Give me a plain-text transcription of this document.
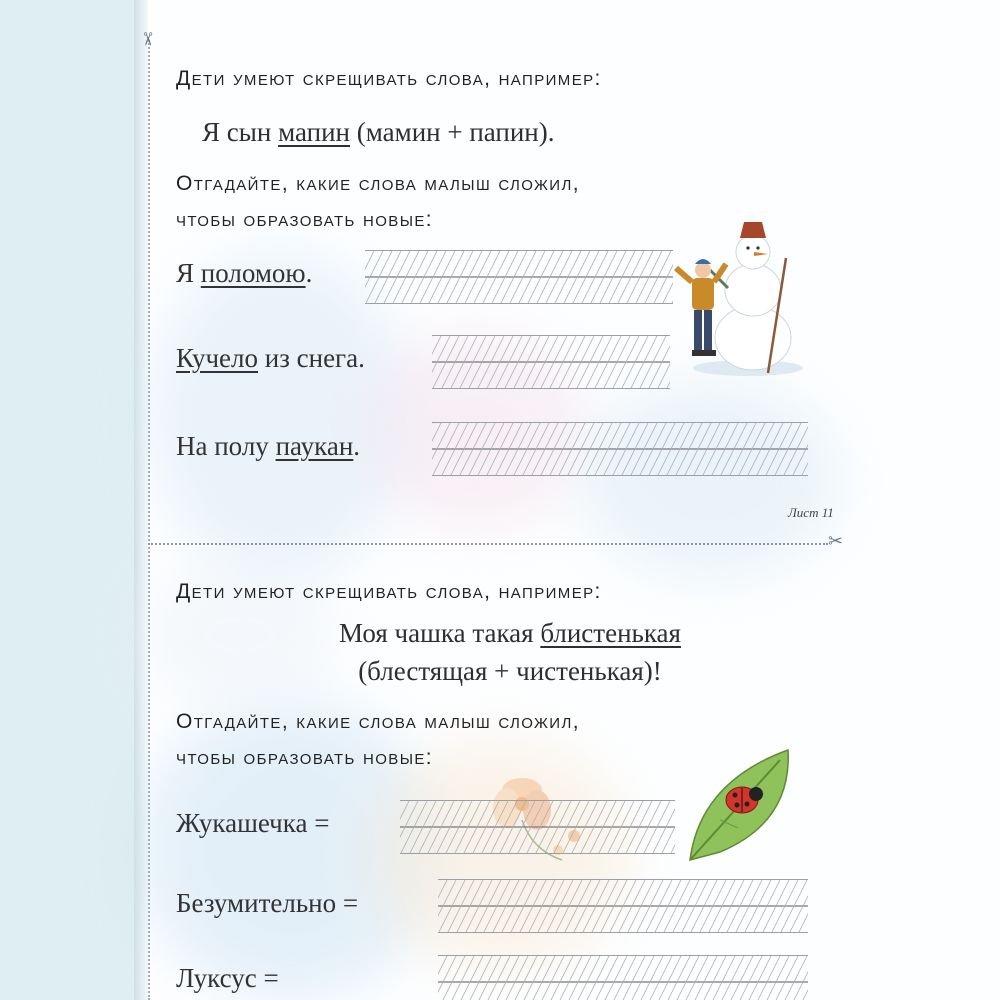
✂
Дети умеют скрещивать слова, например:
Я сын мапин (мамин + папин).
Отгадайте, какие слова малыш сложил,
чтобы образовать новые:
Я поломою.
Кучело из снега.
На полу паукан.
Лист 11
✂
Дети умеют скрещивать слова, например:
Моя чашка такая блистенькая
(блестящая + чистенькая)!
Отгадайте, какие слова малыш сложил,
чтобы образовать новые:
Жукашечка =
Безумительно =
Луксус =
